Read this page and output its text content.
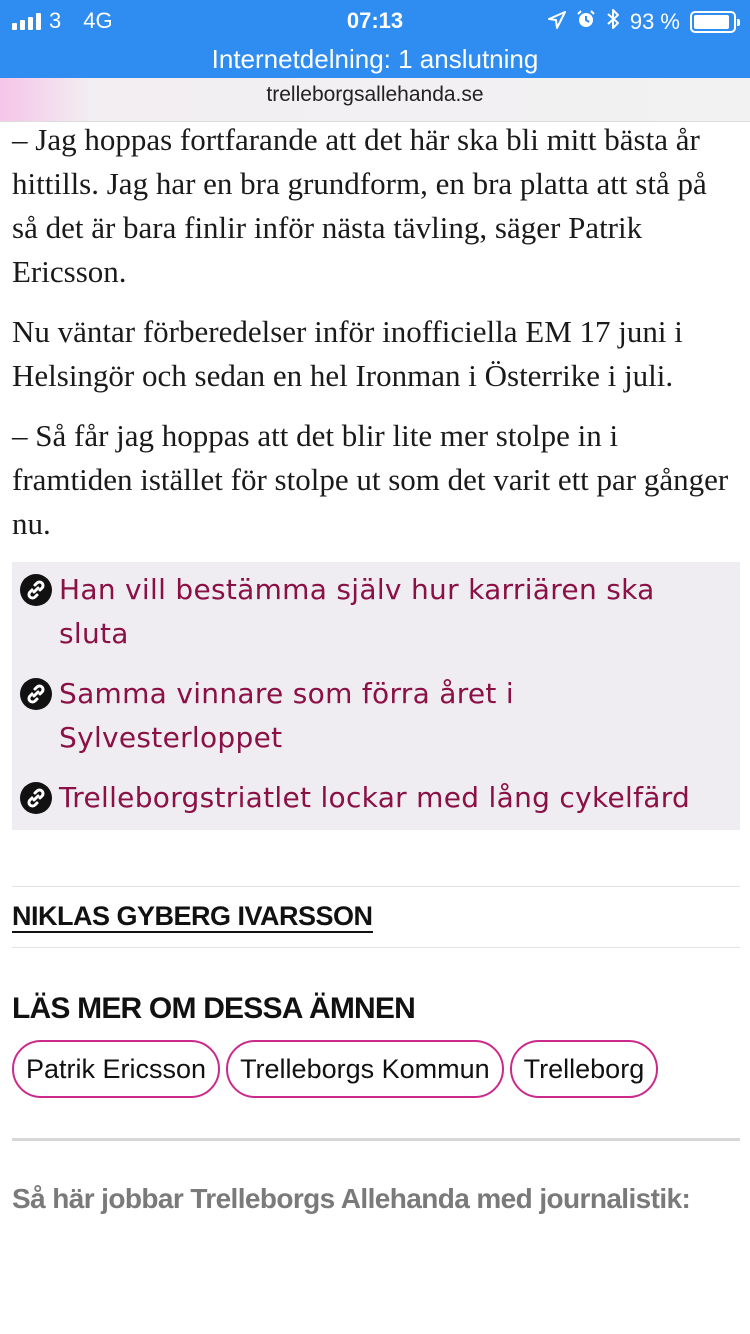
3 4G	07:13	93 %
Internetdelning: 1 anslutning
trelleborgsallehanda.se

– Jag hoppas fortfarande att det här ska bli mitt bästa år hittills. Jag har en bra grundform, en bra platta att stå på så det är bara finlir inför nästa tävling, säger Patrik Ericsson.

Nu väntar förberedelser inför inofficiella EM 17 juni i Helsingör och sedan en hel Ironman i Österrike i juli.

– Så får jag hoppas att det blir lite mer stolpe in i framtiden istället för stolpe ut som det varit ett par gånger nu.

Han vill bestämma själv hur karriären ska sluta
Samma vinnare som förra året i Sylvesterloppet
Trelleborgstriatlet lockar med lång cykelfärd
NIKLAS GYBERG IVARSSON
LÄS MER OM DESSA ÄMNEN
Patrik Ericsson	Trelleborgs Kommun	Trelleborg
Så här jobbar Trelleborgs Allehanda med journalistik:
